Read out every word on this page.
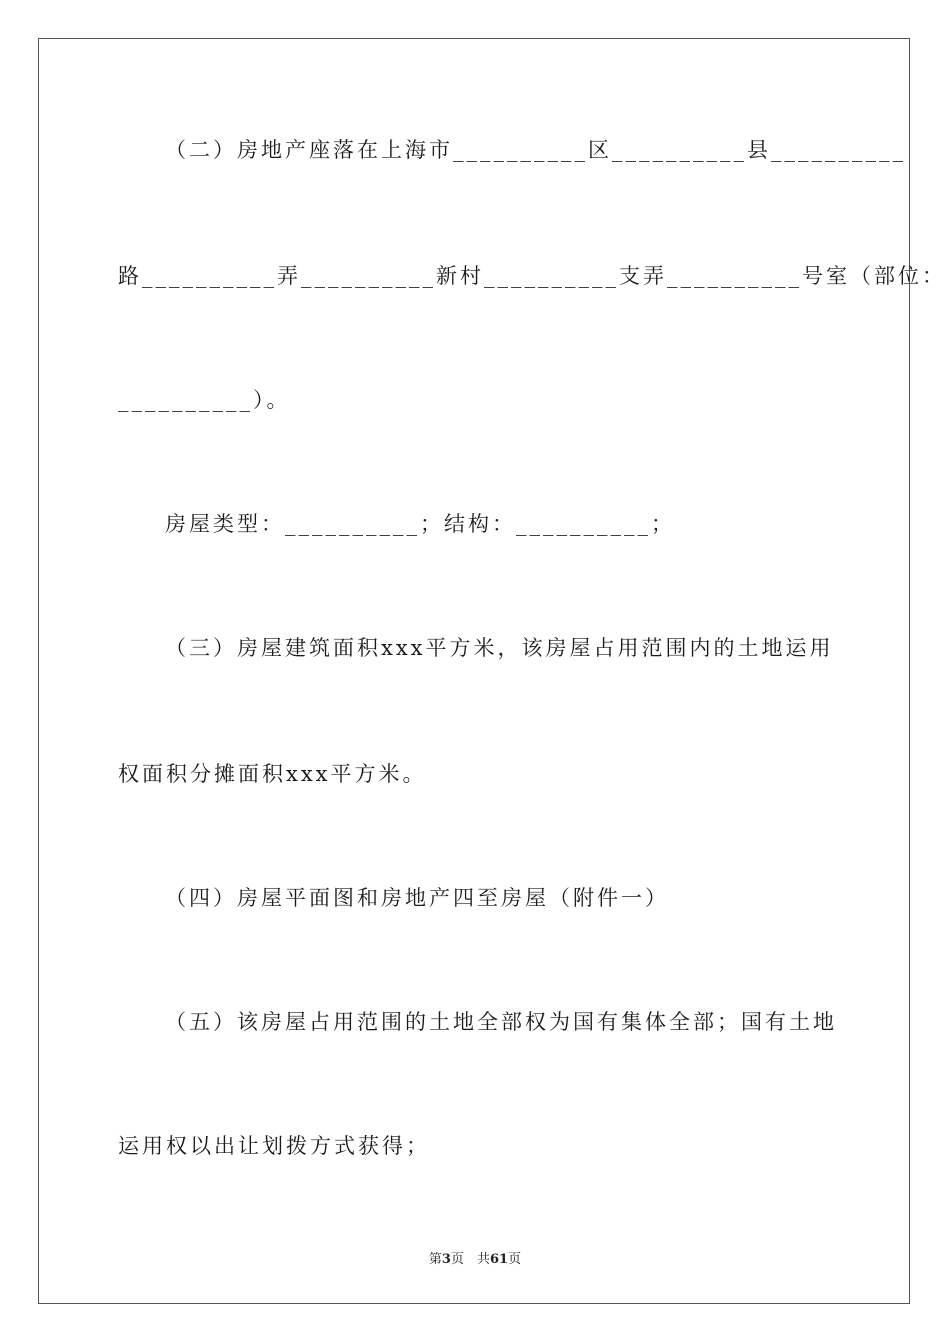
（二）房地产座落在上海市__________区__________县__________
路__________弄__________新村__________支弄__________号室（部位：
__________）。
房屋类型：__________；结构：__________；
（三）房屋建筑面积xxx平方米，该房屋占用范围内的土地运用
权面积分摊面积xxx平方米。
（四）房屋平面图和房地产四至房屋（附件一）
（五）该房屋占用范围的土地全部权为国有集体全部；国有土地
运用权以出让划拨方式获得；
第3页　共61页
